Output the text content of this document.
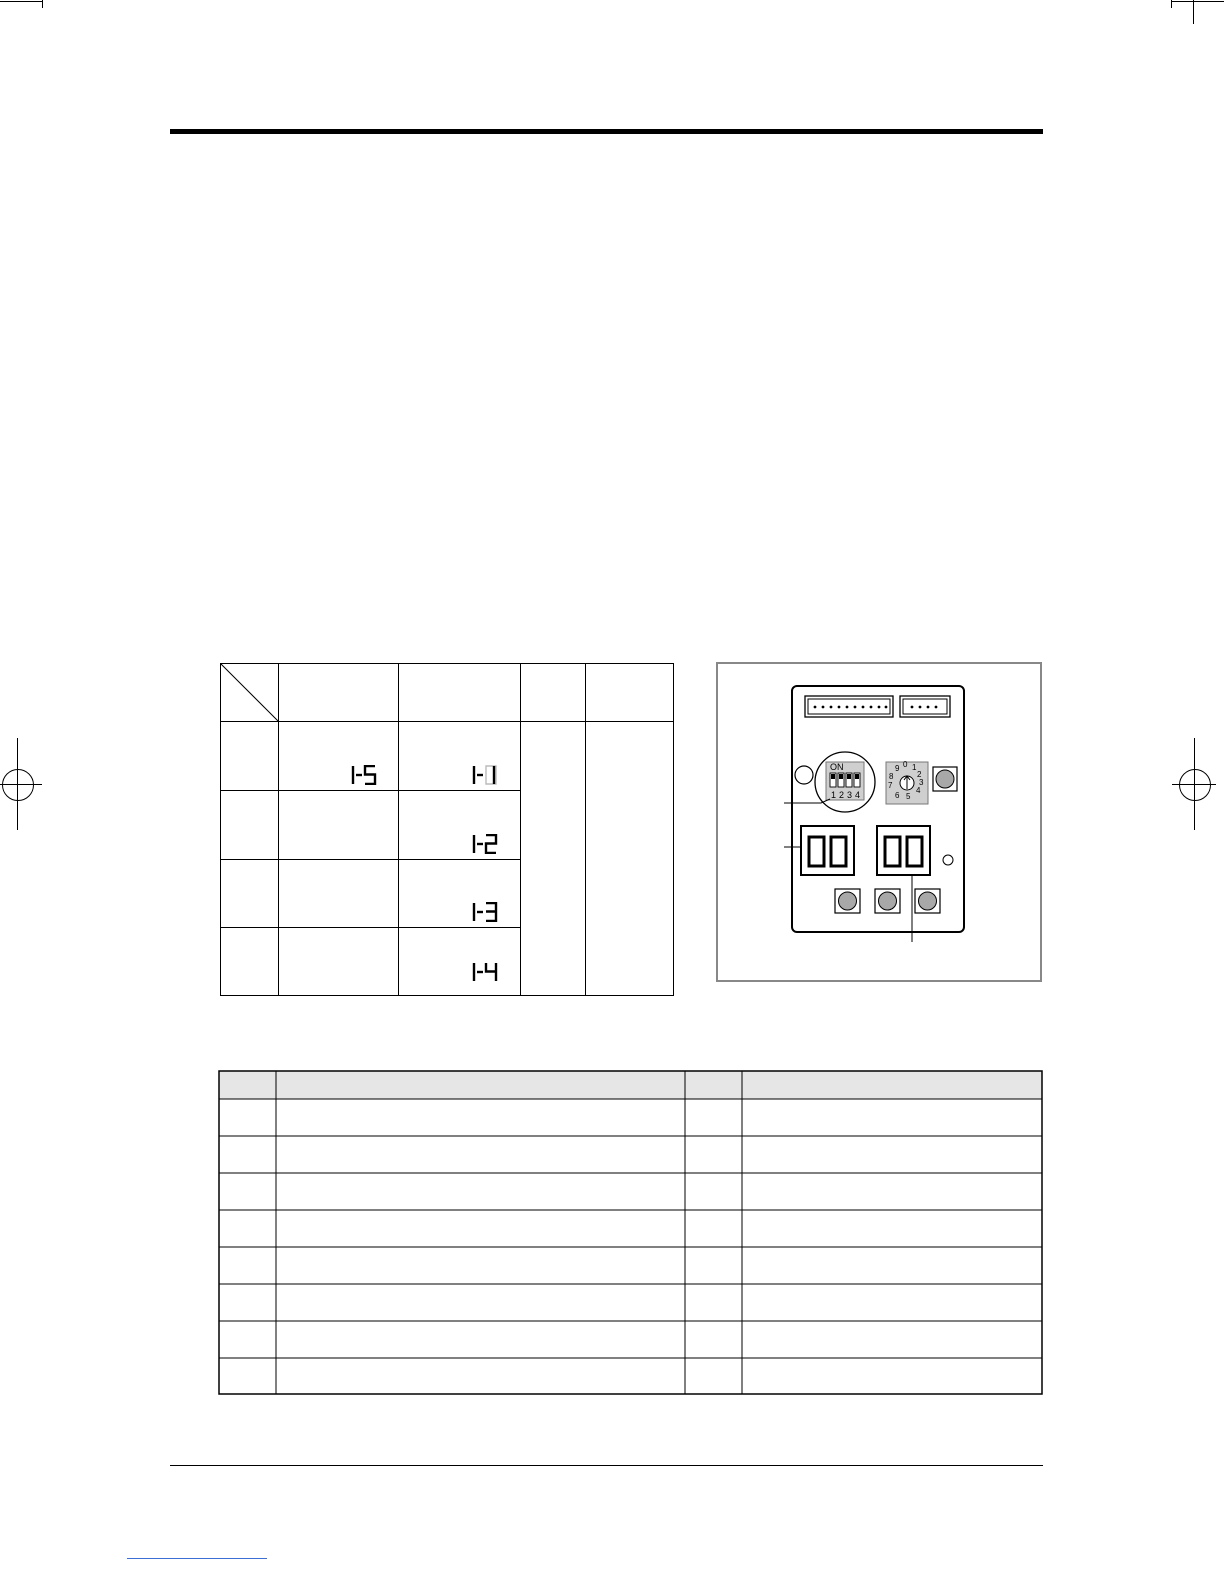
ON
1 2 3 4
0 1
2
3
4
5
6
7
8
9
